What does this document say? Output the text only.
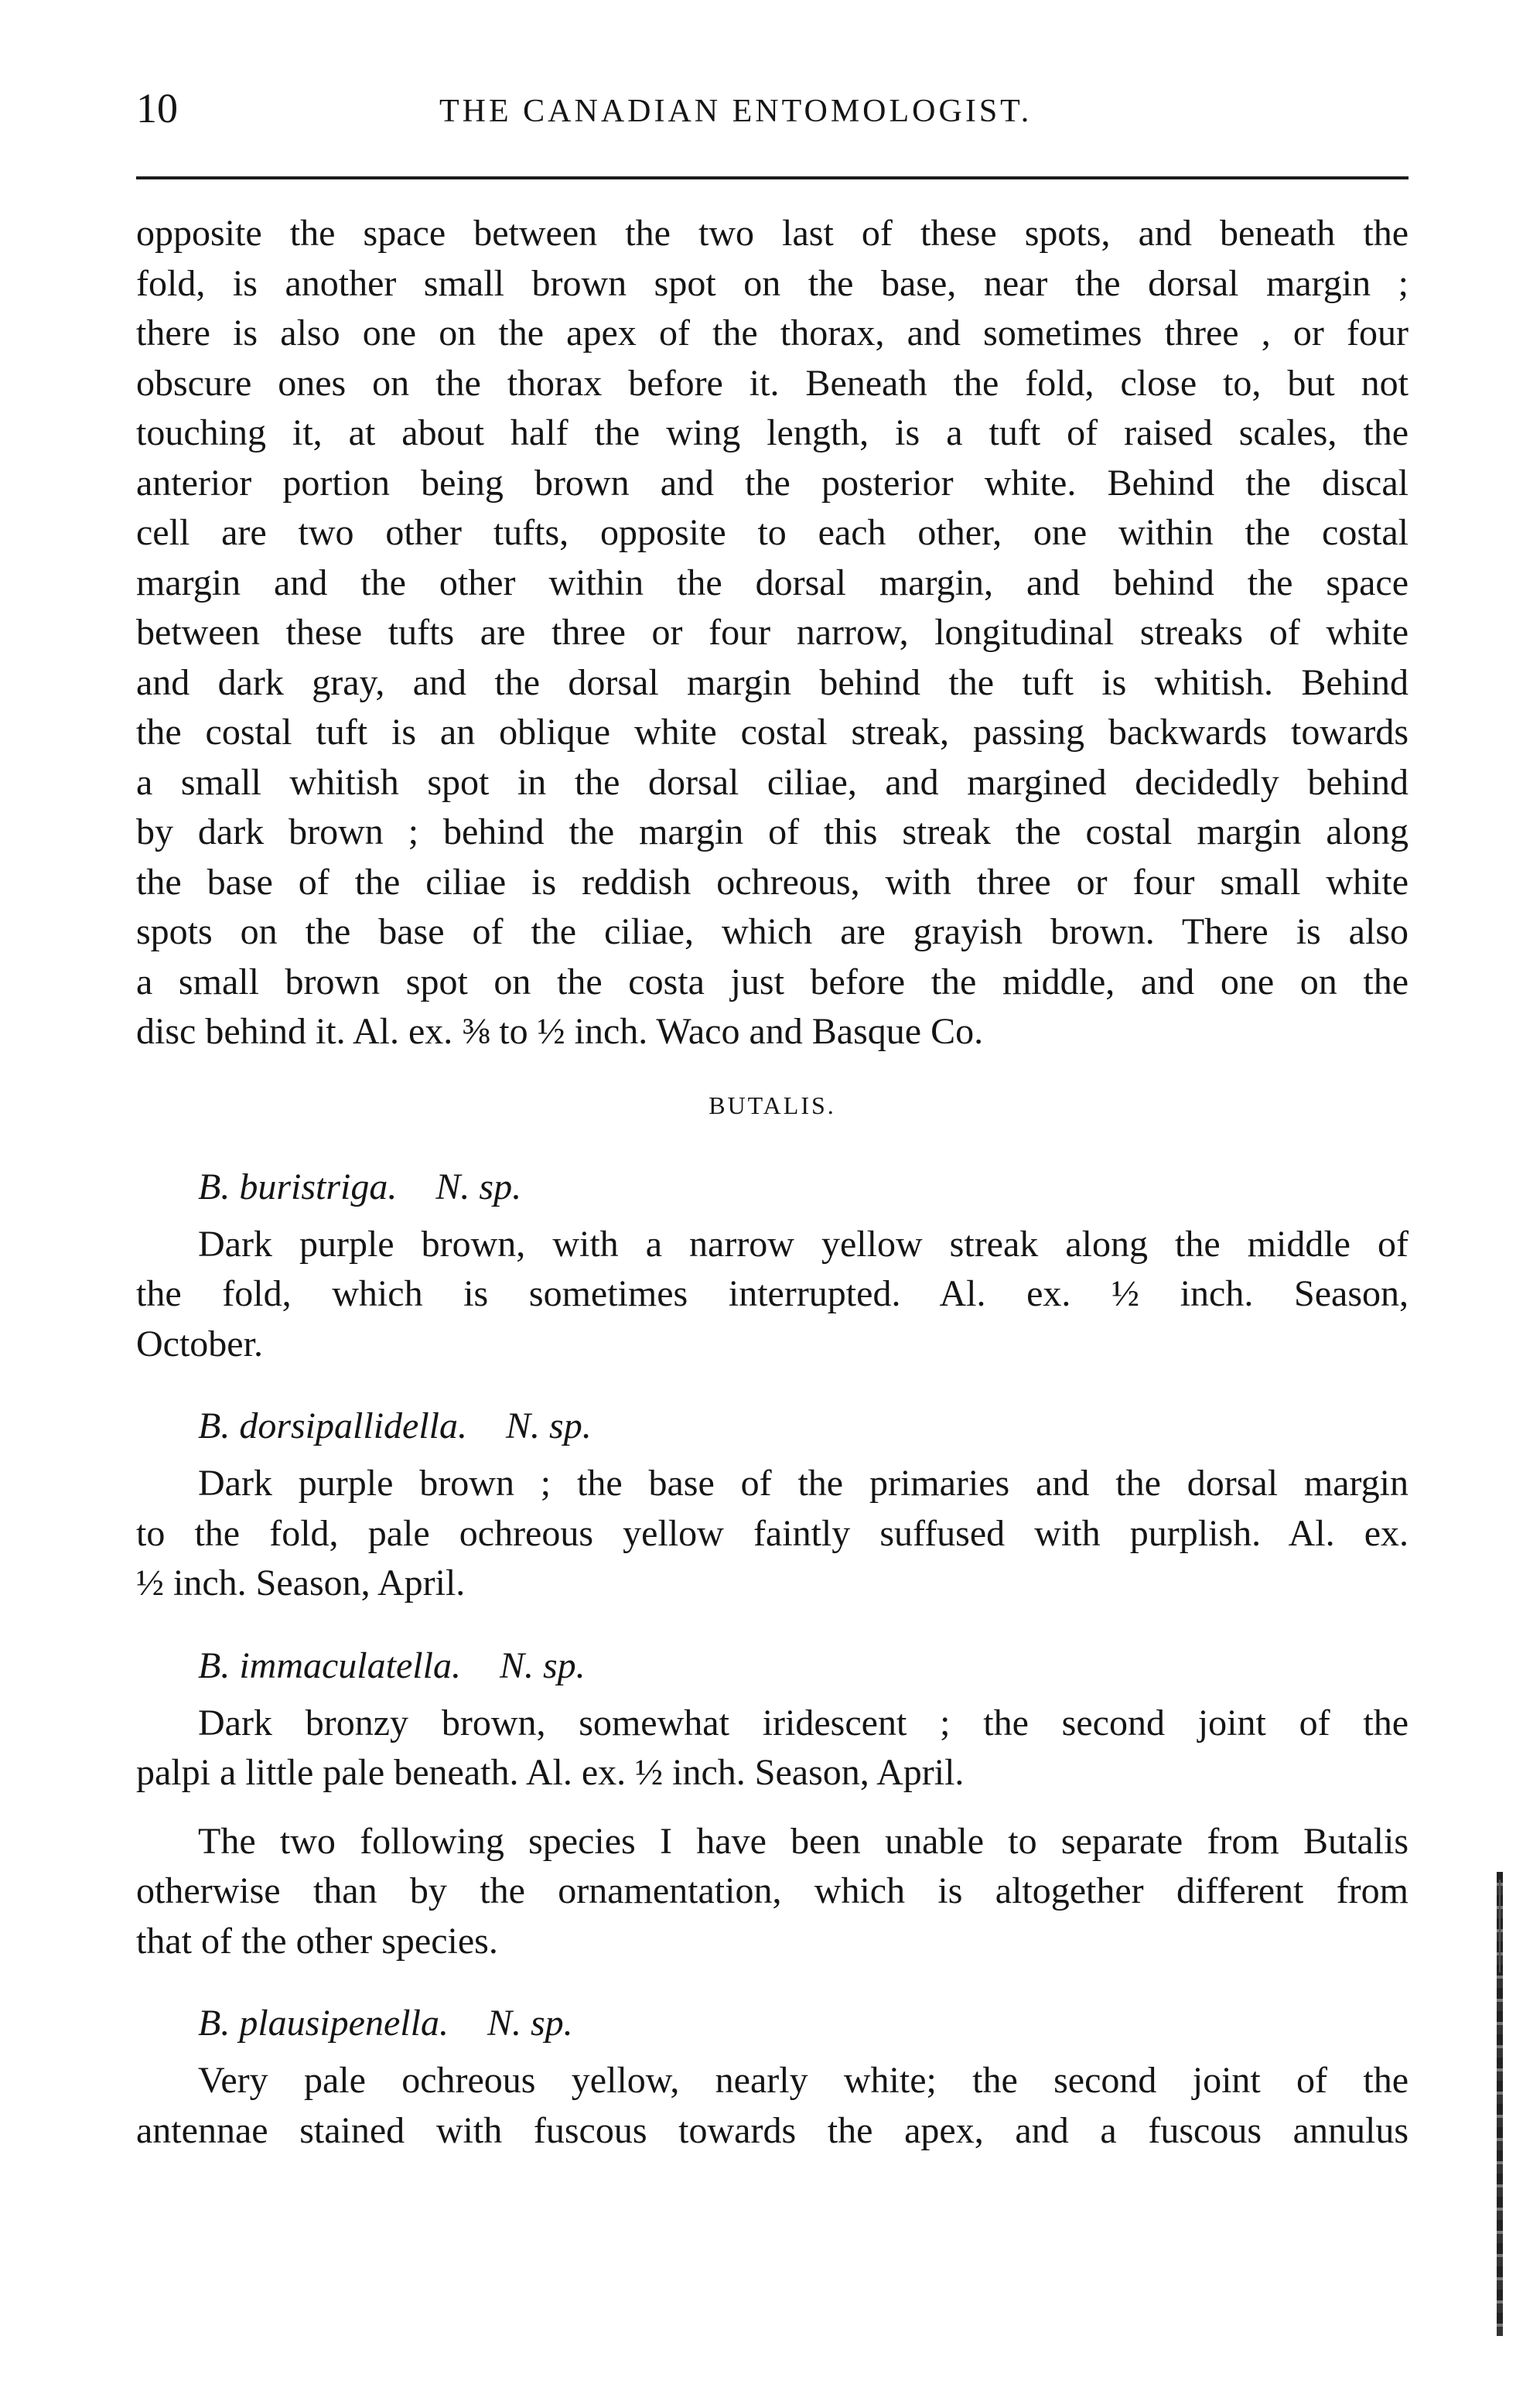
10	THE CANADIAN ENTOMOLOGIST.
opposite the space between the two last of these spots, and beneath the
fold, is another small brown spot on the base, near the dorsal margin ;
there is also one on the apex of the thorax, and sometimes three , or four
obscure ones on the thorax before it. Beneath the fold, close to, but not
touching it, at about half the wing length, is a tuft of raised scales, the
anterior portion being brown and the posterior white. Behind the discal
cell are two other tufts, opposite to each other, one within the costal
margin and the other within the dorsal margin, and behind the space
between these tufts are three or four narrow, longitudinal streaks of white
and dark gray, and the dorsal margin behind the tuft is whitish. Behind
the costal tuft is an oblique white costal streak, passing backwards towards
a small whitish spot in the dorsal ciliae, and margined decidedly behind
by dark brown ; behind the margin of this streak the costal margin along
the base of the ciliae is reddish ochreous, with three or four small white
spots on the base of the ciliae, which are grayish brown. There is also
a small brown spot on the costa just before the middle, and one on the
disc behind it. Al. ex. ⅜ to ½ inch. Waco and Basque Co.
BUTALIS.
B. buristriga. N. sp.
Dark purple brown, with a narrow yellow streak along the middle of
the fold, which is sometimes interrupted. Al. ex. ½ inch. Season,
October.
B. dorsipallidella. N. sp.
Dark purple brown ; the base of the primaries and the dorsal margin
to the fold, pale ochreous yellow faintly suffused with purplish. Al. ex.
½ inch. Season, April.
B. immaculatella. N. sp.
Dark bronzy brown, somewhat iridescent ; the second joint of the
palpi a little pale beneath. Al. ex. ½ inch. Season, April.
The two following species I have been unable to separate from Butalis
otherwise than by the ornamentation, which is altogether different from
that of the other species.
B. plausipenella. N. sp.
Very pale ochreous yellow, nearly white; the second joint of the
antennae stained with fuscous towards the apex, and a fuscous annulus
